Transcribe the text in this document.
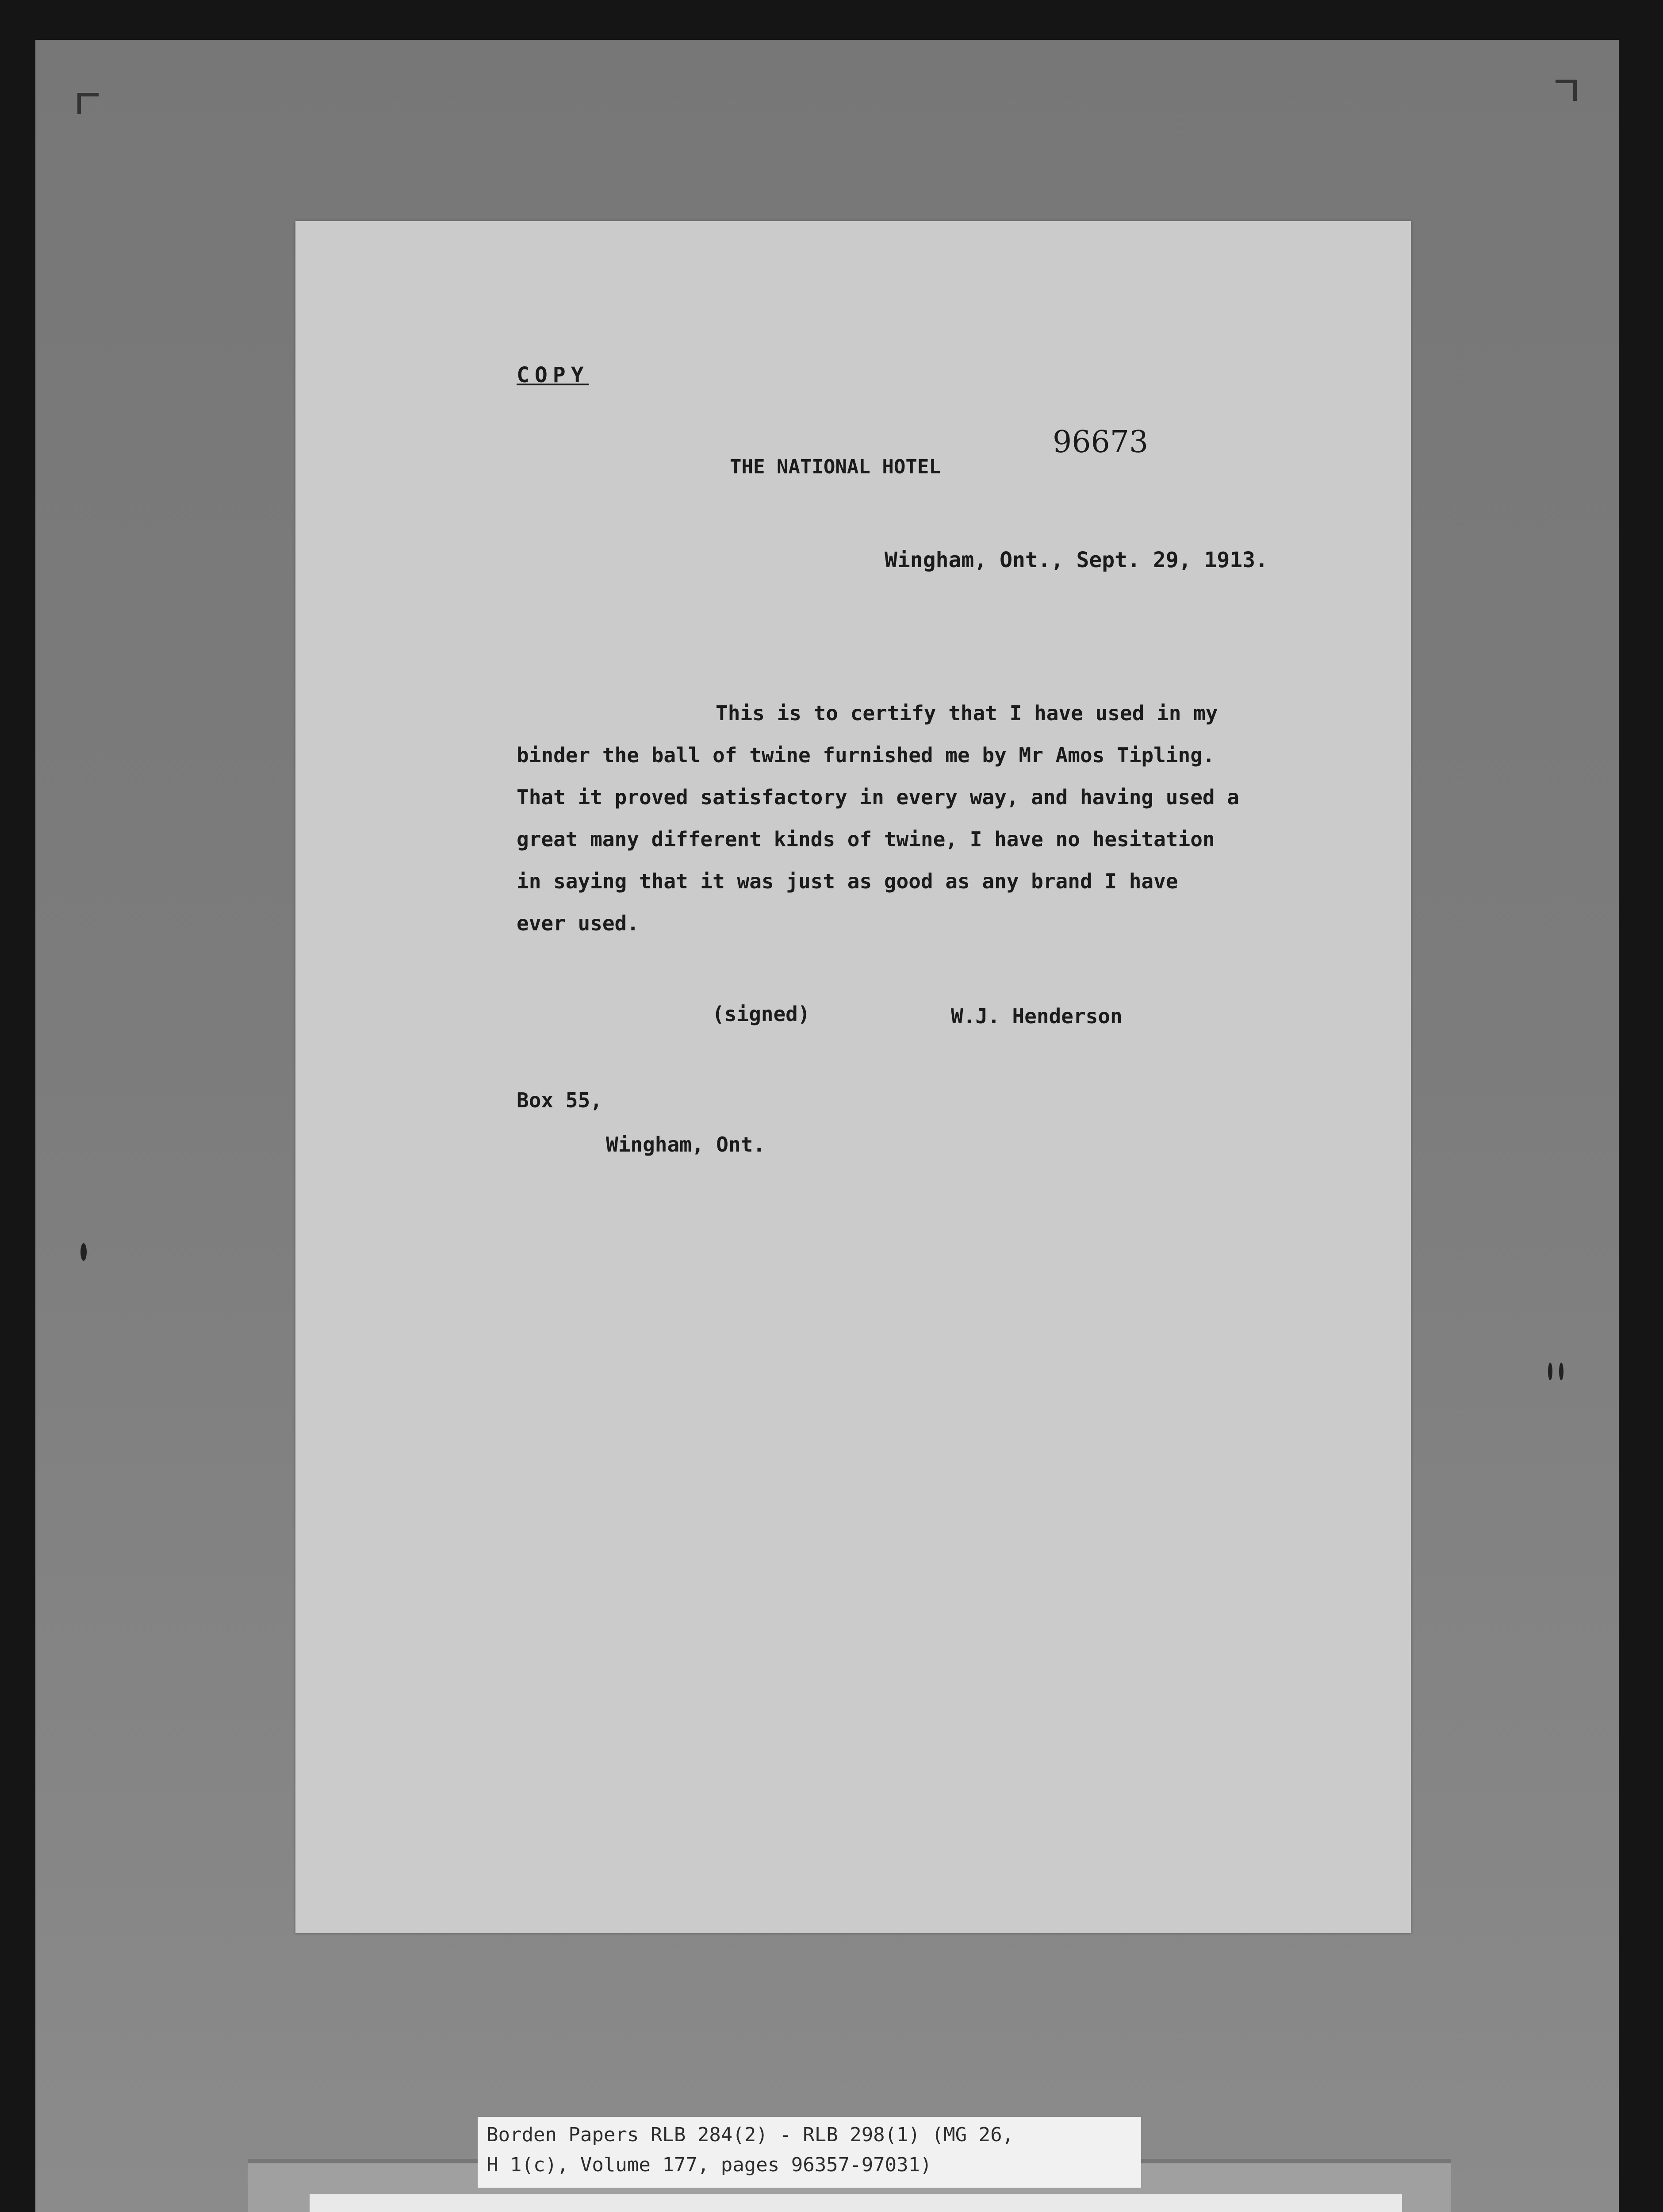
COPY
THE NATIONAL HOTEL
96673
Wingham, Ont., Sept. 29, 1913.
This is to certify that I have used in my
binder the ball of twine furnished me by Mr Amos Tipling.
That it proved satisfactory in every way, and having used a
great many different kinds of twine, I have no hesitation
in saying that it was just as good as any brand I have
ever used.
(signed)	W.J. Henderson
Box 55,
Wingham, Ont.
Borden Papers RLB 284(2) - RLB 298(1) (MG 26,
H 1(c), Volume 177, pages 96357-97031)
